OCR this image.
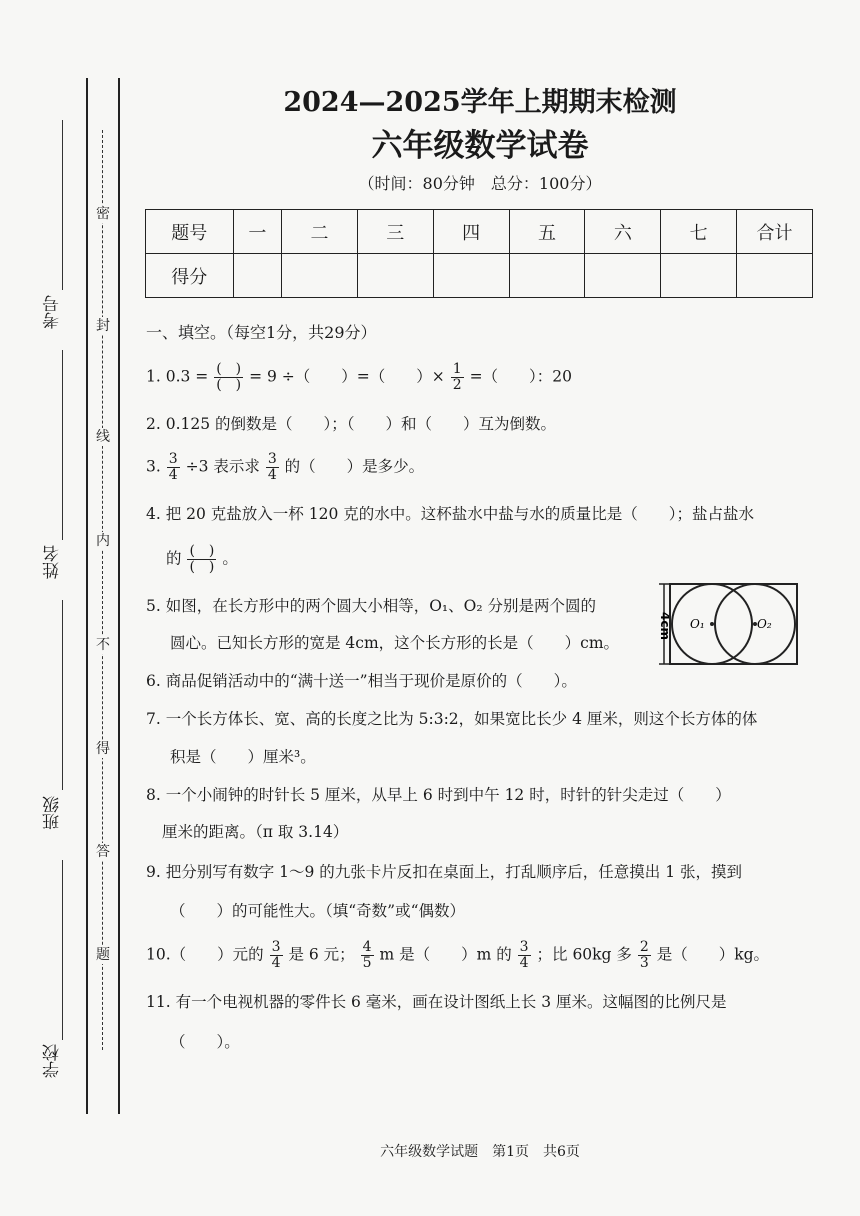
密
封
线
内
不
得
答
题
考号
姓名
班级
学校
2024—2025学年上期期末检测
六年级数学试卷
（时间：80分钟　总分：100分）
题号	一	二	三	四	五	六	七	合计
得分								
一、填空。（每空1分，共29分）
1. $0.3 = \frac{( )}{( )} = 9$ ÷（　　）=（　　）× $\frac{1}{2}$ =（　　）：20
2. 0.125 的倒数是（　　）；（　　）和（　　）互为倒数。
3. $\frac{3}{4} \div 3$ 表示求 $\frac{3}{4}$ 的（　　）是多少。
4. 把 20 克盐放入一杯 120 克的水中。这杯盐水中盐与水的质量比是（　　）；盐占盐水
的 $\frac{( )}{( )}$ 。
5. 如图，在长方形中的两个圆大小相等，O₁、O₂ 分别是两个圆的
圆心。已知长方形的宽是 4cm，这个长方形的长是（　　）cm。
4cm O₁	O₂
6. 商品促销活动中的“满十送一”相当于现价是原价的（　　）。
7. 一个长方体长、宽、高的长度之比为 5:3:2，如果宽比长少 4 厘米，则这个长方体的体
积是（　　）厘米³。
8. 一个小闹钟的时针长 5 厘米，从早上 6 时到中午 12 时，时针的针尖走过（　　）
厘米的距离。（π 取 3.14）
9. 把分别写有数字 1～9 的九张卡片反扣在桌面上，打乱顺序后，任意摸出 1 张，摸到
（　　）的可能性大。（填“奇数”或“偶数）
10.（　　）元的 $\frac{3}{4}$ 是 6 元； $\frac{4}{5}$ m 是（　　）m 的 $\frac{3}{4}$ ；比 60kg 多 $\frac{2}{3}$ 是（　　）kg。
11. 有一个电视机器的零件长 6 毫米，画在设计图纸上长 3 厘米。这幅图的比例尺是
（　　）。
六年级数学试题　第1页　共6页
